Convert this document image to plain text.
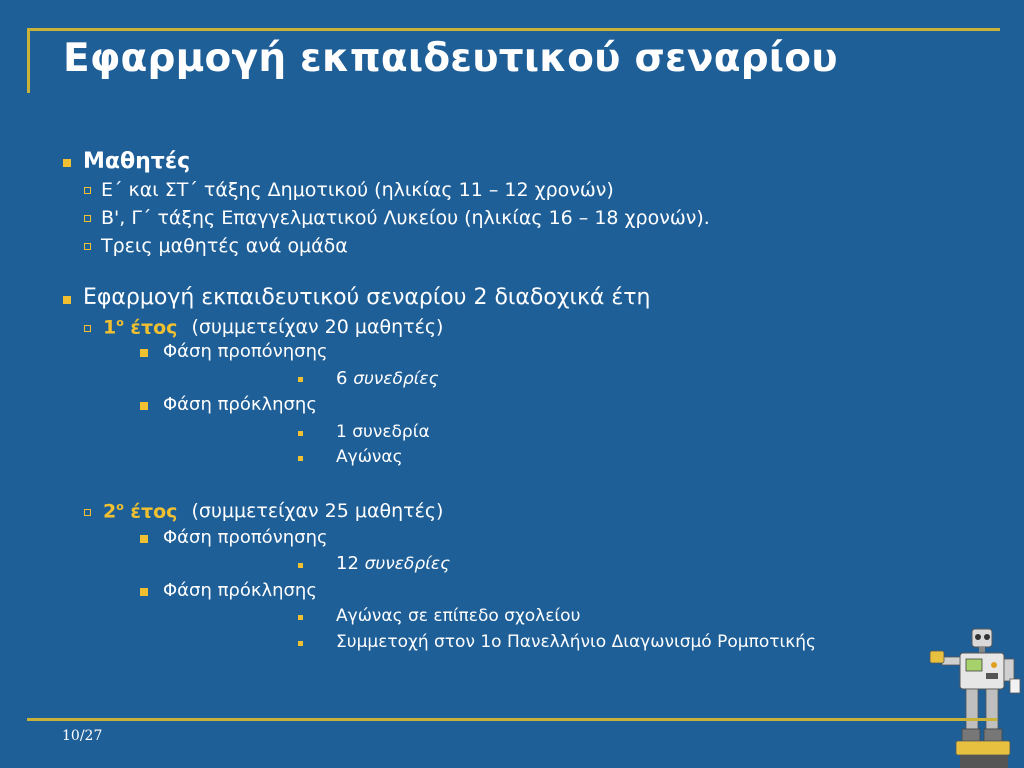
Εφαρμογή εκπαιδευτικού σεναρίου
Μαθητές
Ε΄ και ΣΤ΄ τάξης Δημοτικού (ηλικίας 11 – 12 χρονών)
Β', Γ΄ τάξης Επαγγελματικού Λυκείου (ηλικίας 16 – 18 χρονών).
Τρεις μαθητές ανά ομάδα
Εφαρμογή εκπαιδευτικού σεναρίου 2 διαδοχικά έτη
$1^o$ έτος (συμμετείχαν 20 μαθητές)
Φάση προπόνησης
6 συνεδρίες
Φάση πρόκλησης
1 συνεδρία
Αγώνας
$2^o$ έτος (συμμετείχαν 25 μαθητές)
Φάση προπόνησης
12 συνεδρίες
Φάση πρόκλησης
Αγώνας σε επίπεδο σχολείου
Συμμετοχή στον 1ο Πανελλήνιο Διαγωνισμό Ρομποτικής
10/27
